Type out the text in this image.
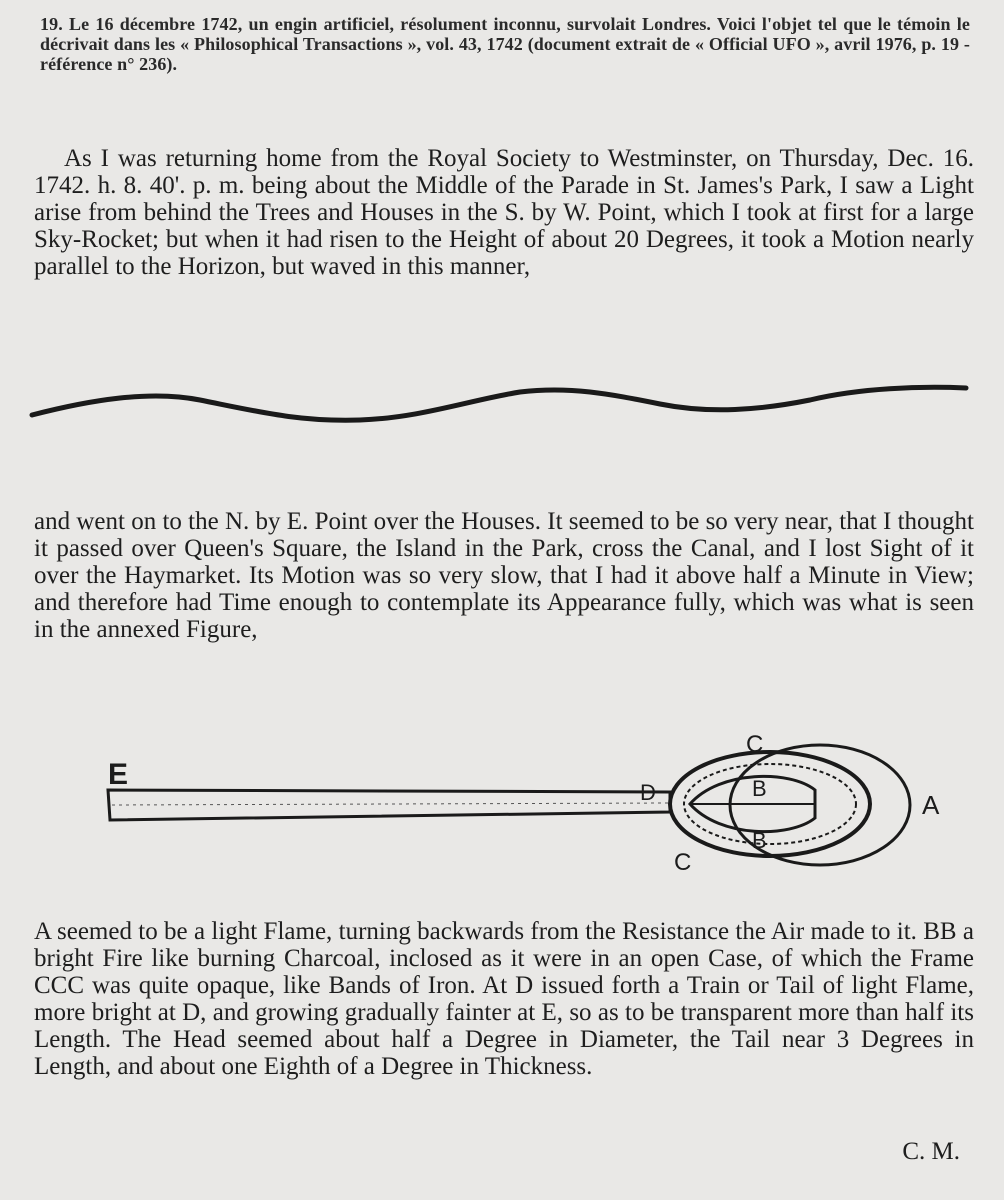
19. Le 16 décembre 1742, un engin artificiel, résolument inconnu, survolait Londres. Voici l'objet tel que le témoin le décrivait dans les « Philosophical Transactions », vol. 43, 1742 (document extrait de « Official UFO », avril 1976, p. 19 - référence n° 236).
As I was returning home from the Royal Society to Westminster, on Thursday, Dec. 16. 1742. h. 8. 40'. p. m. being about the Middle of the Parade in St. James's Park, I saw a Light arise from behind the Trees and Houses in the S. by W. Point, which I took at first for a large Sky-Rocket; but when it had risen to the Height of about 20 Degrees, it took a Motion nearly parallel to the Horizon, but waved in this manner,
and went on to the N. by E. Point over the Houses. It seemed to be so very near, that I thought it passed over Queen's Square, the Island in the Park, cross the Canal, and I lost Sight of it over the Haymarket. Its Motion was so very slow, that I had it above half a Minute in View; and therefore had Time enough to contemplate its Appearance fully, which was what is seen in the annexed Figure,
E
D
C
C
B
B
A
A seemed to be a light Flame, turning backwards from the Resistance the Air made to it. BB a bright Fire like burning Charcoal, inclosed as it were in an open Case, of which the Frame CCC was quite opaque, like Bands of Iron. At D issued forth a Train or Tail of light Flame, more bright at D, and growing gradually fainter at E, so as to be transparent more than half its Length. The Head seemed about half a Degree in Diameter, the Tail near 3 Degrees in Length, and about one Eighth of a Degree in Thickness.
C. M.
